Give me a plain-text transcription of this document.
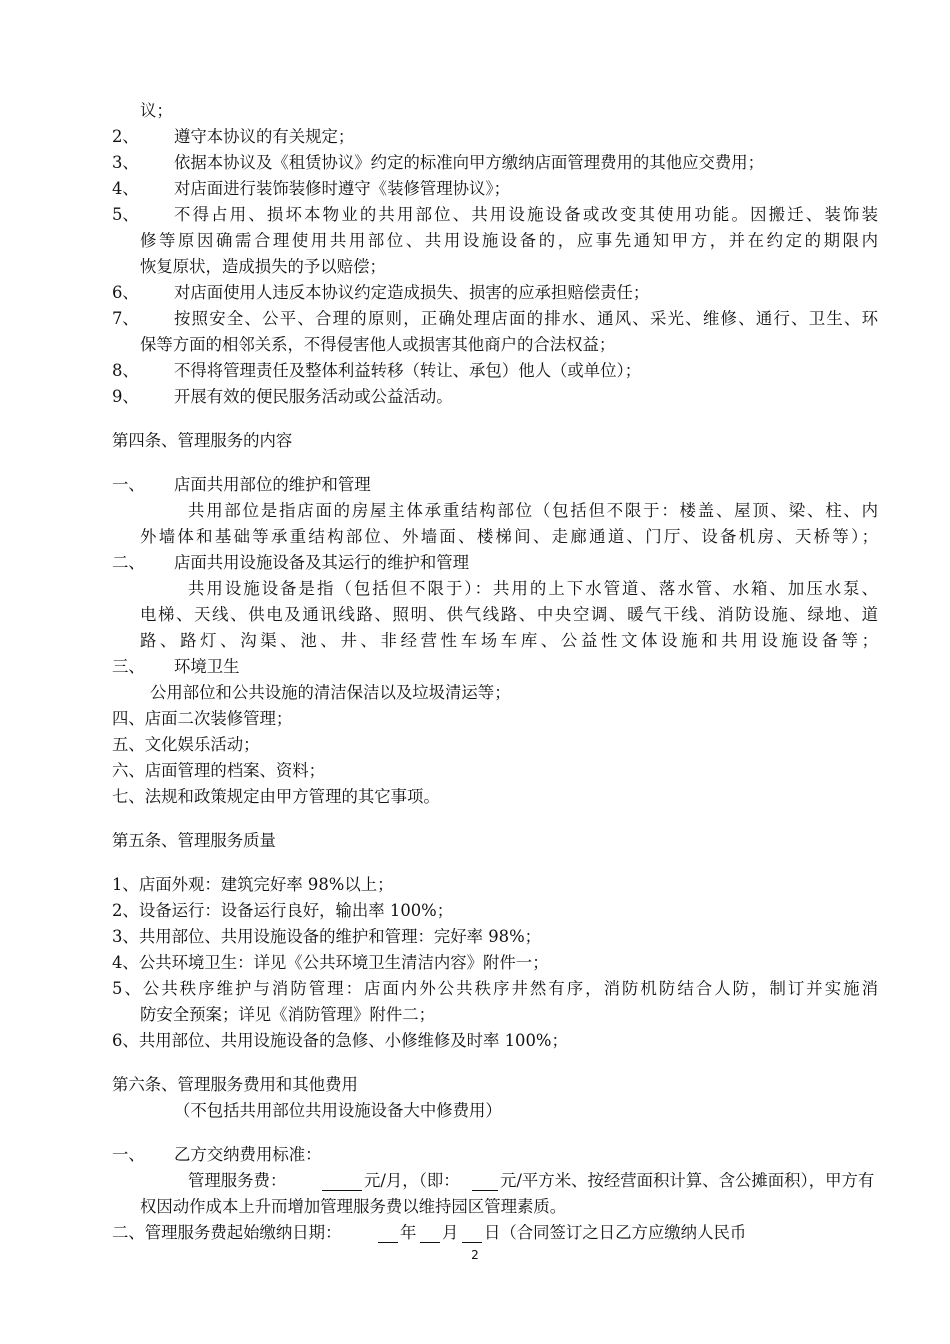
议；
2、 遵守本协议的有关规定；
3、 依据本协议及《租赁协议》约定的标准向甲方缴纳店面管理费用的其他应交费用；
4、 对店面进行装饰装修时遵守《装修管理协议》；
5、 不得占用、损坏本物业的共用部位、共用设施设备或改变其使用功能。因搬迁、装饰装
修等原因确需合理使用共用部位、共用设施设备的，应事先通知甲方，并在约定的期限内
恢复原状，造成损失的予以赔偿；
6、 对店面使用人违反本协议约定造成损失、损害的应承担赔偿责任；
7、 按照安全、公平、合理的原则，正确处理店面的排水、通风、采光、维修、通行、卫生、环
保等方面的相邻关系，不得侵害他人或损害其他商户的合法权益；
8、 不得将管理责任及整体利益转移（转让、承包）他人（或单位）；
9、 开展有效的便民服务活动或公益活动。
第四条、管理服务的内容
一、 店面共用部位的维护和管理
共用部位是指店面的房屋主体承重结构部位（包括但不限于：楼盖、屋顶、梁、柱、内
外墙体和基础等承重结构部位、外墙面、楼梯间、走廊通道、门厅、设备机房、天桥等）；
二、 店面共用设施设备及其运行的维护和管理
共用设施设备是指（包括但不限于）：共用的上下水管道、落水管、水箱、加压水泵、
电梯、天线、供电及通讯线路、照明、供气线路、中央空调、暖气干线、消防设施、绿地、道
路、路灯、沟渠、池、井、非经营性车场车库、公益性文体设施和共用设施设备等；
三、 环境卫生
公用部位和公共设施的清洁保洁以及垃圾清运等；
四、店面二次装修管理；
五、文化娱乐活动；
六、店面管理的档案、资料；
七、法规和政策规定由甲方管理的其它事项。
第五条、管理服务质量
1、店面外观：建筑完好率 98%以上；
2、设备运行：设备运行良好，输出率 100%；
3、共用部位、共用设施设备的维护和管理：完好率 98%；
4、公共环境卫生：详见《公共环境卫生清洁内容》附件一；
5、公共秩序维护与消防管理：店面内外公共秩序井然有序，消防机防结合人防，制订并实施消
防安全预案；详见《消防管理》附件二；
6、共用部位、共用设施设备的急修、小修维修及时率 100%；
第六条、管理服务费用和其他费用
（不包括共用部位共用设施设备大中修费用）
一、 乙方交纳费用标准：
管理服务费：	元/月，（即： 元/平方米、按经营面积计算、含公摊面积），甲方有
权因动作成本上升而增加管理服务费以维持园区管理素质。
二、管理服务费起始缴纳日期：	年 月 日（合同签订之日乙方应缴纳人民币
2
